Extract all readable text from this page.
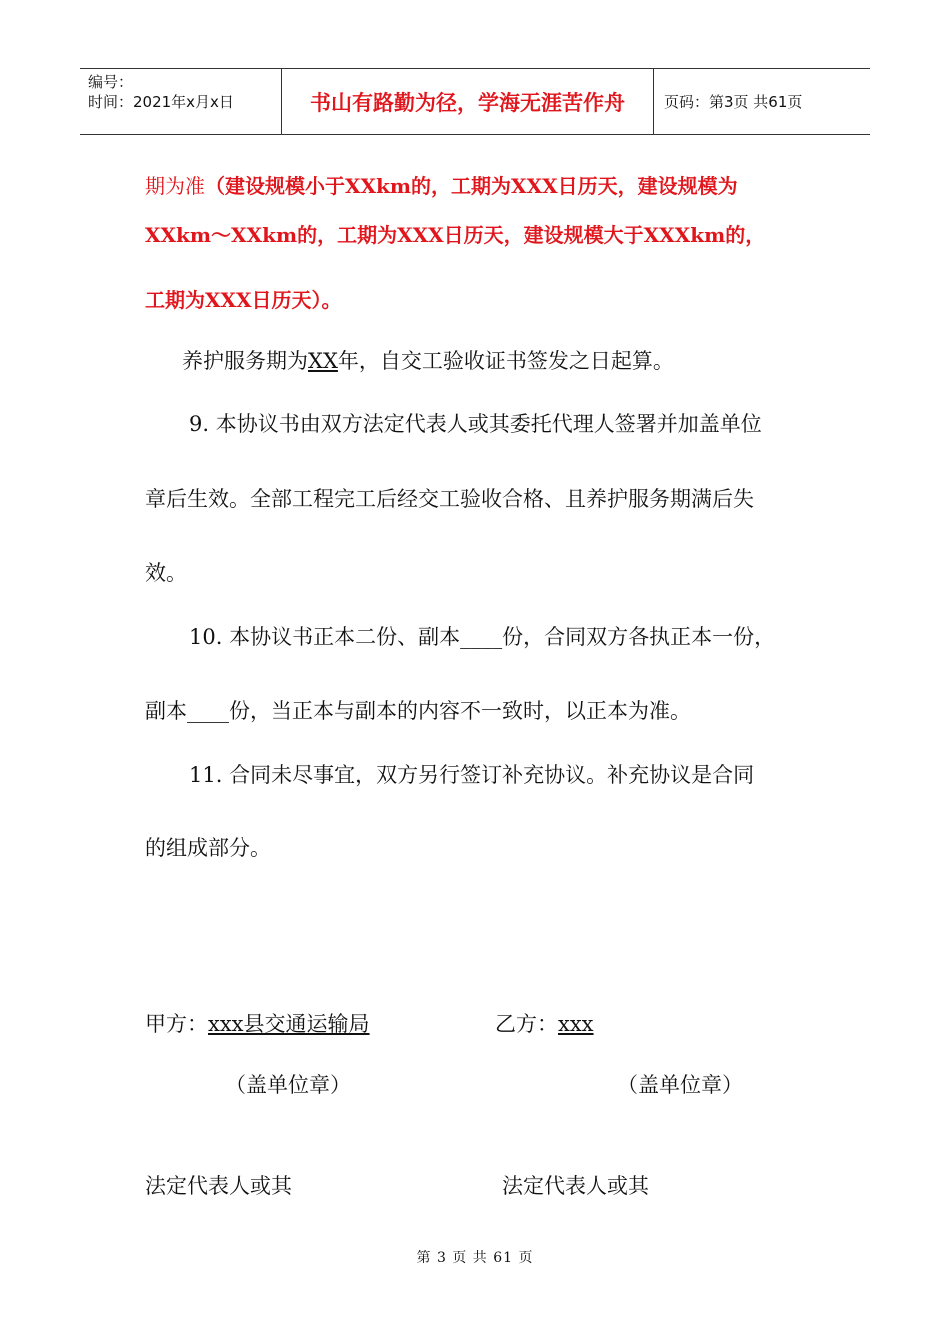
编号：
时间：2021年x月x日	书山有路勤为径，学海无涯苦作舟	页码：第3页 共61页
期为准（建设规模小于XXkm的，工期为XXX日历天，建设规模为
XXkm～XXkm的，工期为XXX日历天，建设规模大于XXXkm的，
工期为XXX日历天）。
养护服务期为XX年，自交工验收证书签发之日起算。
9. 本协议书由双方法定代表人或其委托代理人签署并加盖单位
章后生效。全部工程完工后经交工验收合格、且养护服务期满后失
效。
10. 本协议书正本二份、副本____份，合同双方各执正本一份，
副本____份，当正本与副本的内容不一致时，以正本为准。
11. 合同未尽事宜，双方另行签订补充协议。补充协议是合同
的组成部分。
甲方：xxx县交通运输局	乙方：xxx
（盖单位章）	（盖单位章）
法定代表人或其	法定代表人或其
第 3 页 共 61 页
